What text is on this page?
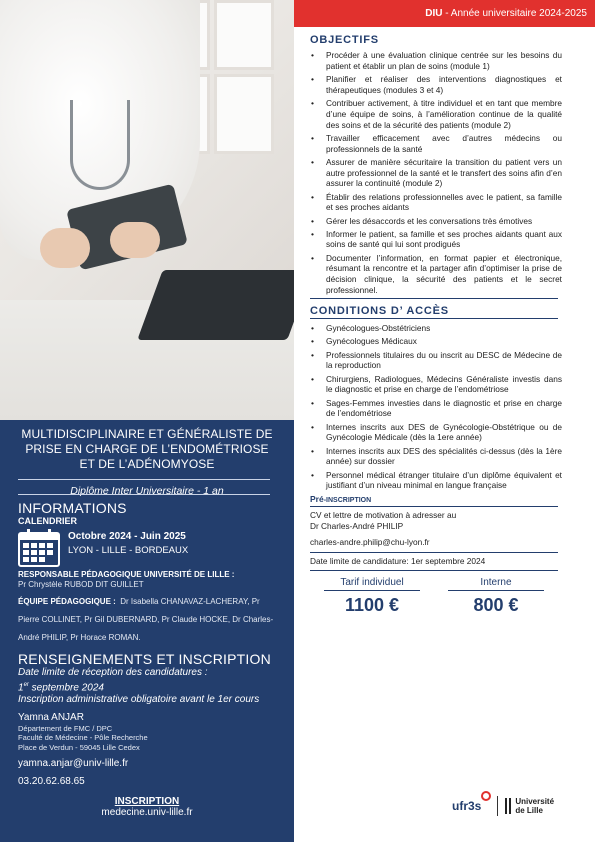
MULTIDISCIPLINAIRE ET GÉNÉRALISTE DE PRISE EN CHARGE DE L’ENDOMÉTRIOSE ET DE L’ADÉNOMYOSE
Diplôme Inter Universitaire - 1 an
INFORMATIONS
CALENDRIER
Octobre 2024 - Juin 2025
LYON - LILLE - BORDEAUX
RESPONSABLE PÉDAGOGIQUE UNIVERSITÉ DE LILLE :
Pr Chrystèle RUBOD DIT GUILLET
ÉQUIPE PÉDAGOGIQUE : Dr Isabella CHANAVAZ-LACHERAY, Pr Pierre COLLINET, Pr Gil DUBERNARD, Pr Claude HOCKE, Dr Charles-André PHILIP, Pr Horace ROMAN.
RENSEIGNEMENTS ET INSCRIPTION
Date limite de réception des candidatures :
1er septembre 2024
Inscription administrative obligatoire avant le 1er cours
Yamna ANJAR
Département de FMC / DPC
Faculté de Médecine - Pôle Recherche
Place de Verdun - 59045 Lille Cedex
yamna.anjar@univ-lille.fr
03.20.62.68.65
INSCRIPTION
medecine.univ-lille.fr
DIU - Année universitaire 2024-2025
OBJECTIFS
• Procéder à une évaluation clinique centrée sur les besoins du patient et établir un plan de soins (module 1)
• Planifier et réaliser des interventions diagnostiques et thérapeutiques (modules 3 et 4)
• Contribuer activement, à titre individuel et en tant que membre d’une équipe de soins, à l’amélioration continue de la qualité des soins et de la sécurité des patients (module 2)
• Travailler efficacement avec d’autres médecins ou professionnels de la santé
• Assurer de manière sécuritaire la transition du patient vers un autre professionnel de la santé et le transfert des soins afin d’en assurer la continuité (module 2)
• Établir des relations professionnelles avec le patient, sa famille et ses proches aidants
• Gérer les désaccords et les conversations très émotives
• Informer le patient, sa famille et ses proches aidants quant aux soins de santé qui lui sont prodigués
• Documenter l’information, en format papier et électronique, résumant la rencontre et la partager afin d’optimiser la prise de décision clinique, la sécurité des patients et le secret professionnel.
CONDITIONS D’ ACCÈS
• Gynécologues-Obstétriciens
• Gynécologues Médicaux
• Professionnels titulaires du ou inscrit au DESC de Médecine de la reproduction
• Chirurgiens, Radiologues, Médecins Généraliste investis dans le diagnostic et prise en charge de l’endométriose
• Sages-Femmes investies dans le diagnostic et prise en charge de l’endométriose
• Internes inscrits aux DES de Gynécologie-Obstétrique ou de Gynécologie Médicale (dès la 1ere année)
• Internes inscrits aux DES des spécialités ci-dessus (dès la 1ère année) sur dossier
• Personnel médical étranger titulaire d’un diplôme équivalent et justifiant d’un niveau minimal en langue française
Pré-INSCRIPTION
CV et lettre de motivation à adresser au
Dr Charles-André PHILIP
charles-andre.philip@chu-lyon.fr
Date limite de candidature: 1er septembre 2024
Tarif individuel
1100 €
Interne
800 €
ufr3s	Université
de Lille
